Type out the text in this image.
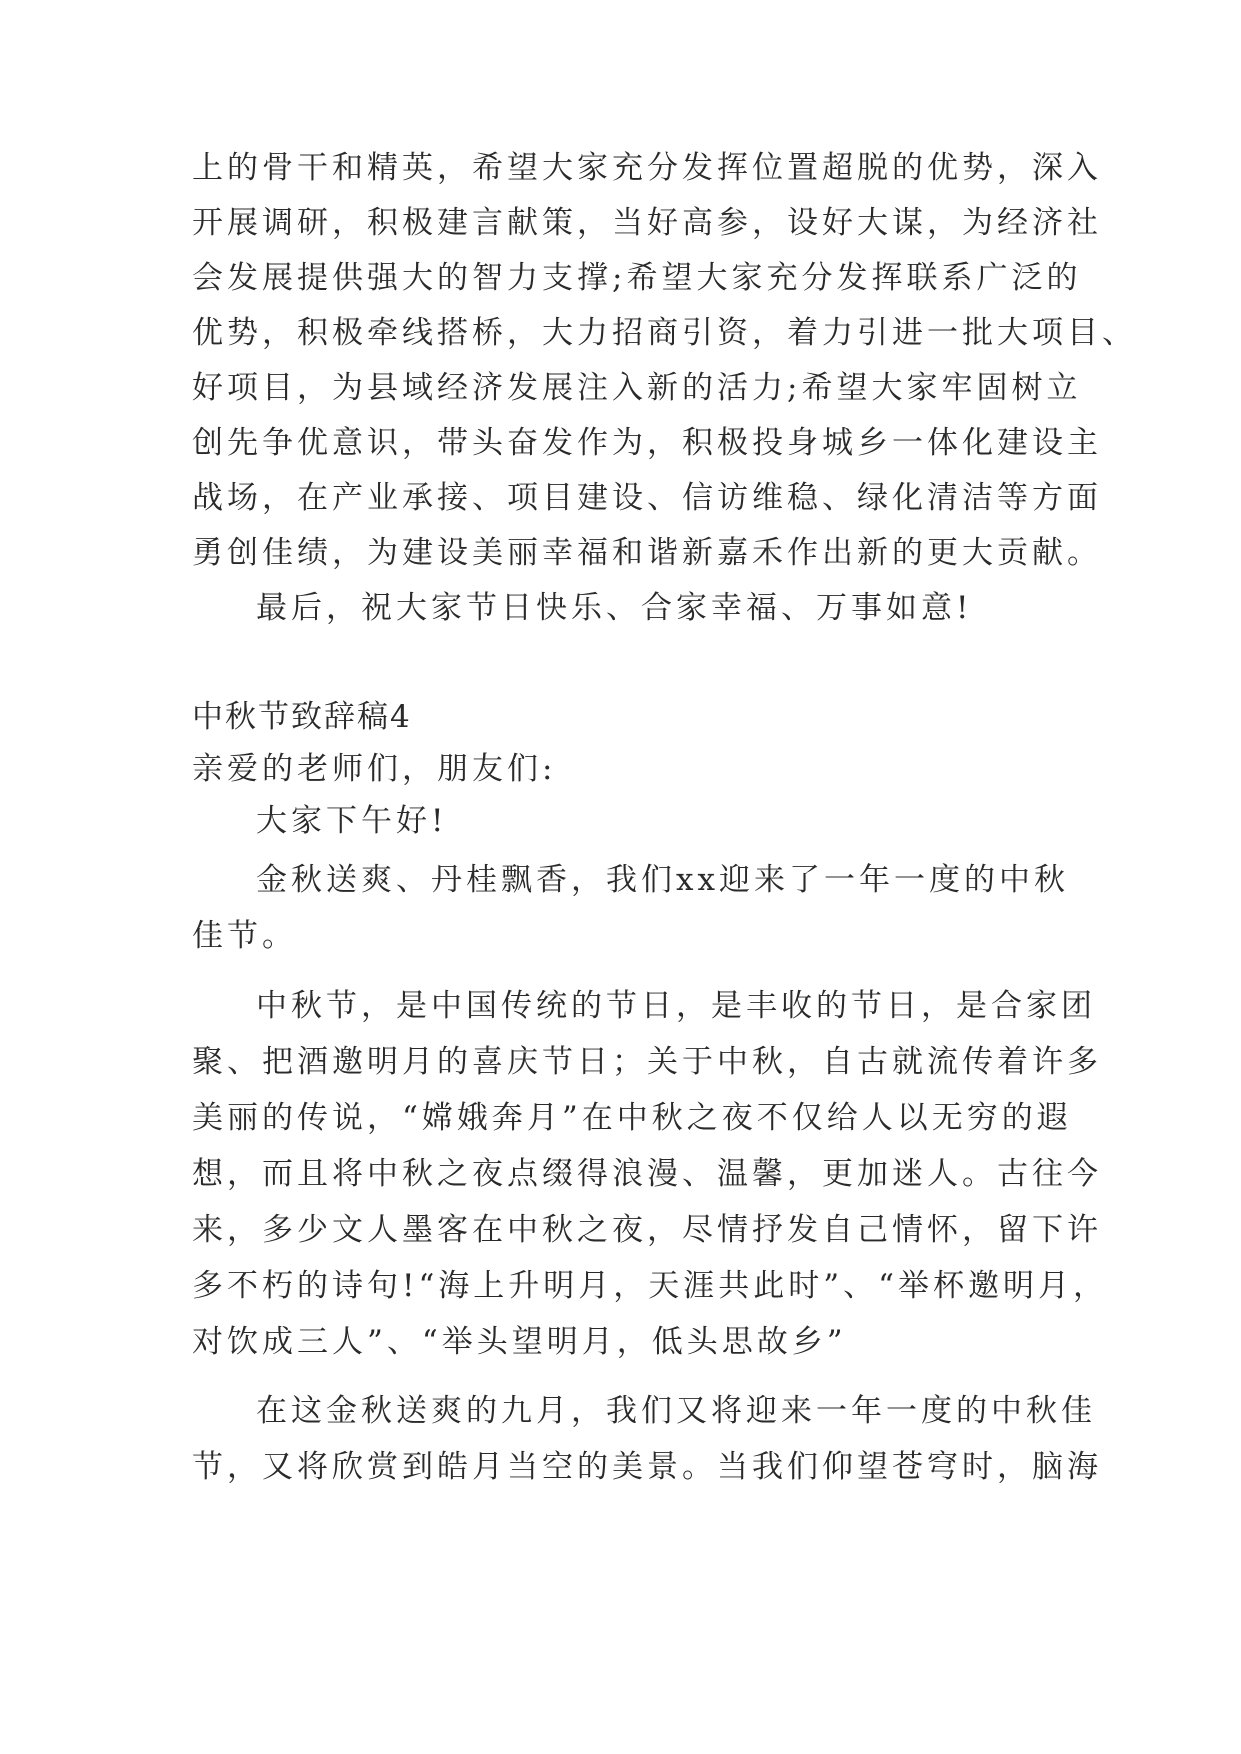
上的骨干和精英，希望大家充分发挥位置超脱的优势，深入
开展调研，积极建言献策，当好高参，设好大谋，为经济社
会发展提供强大的智力支撑;希望大家充分发挥联系广泛的
优势，积极牵线搭桥，大力招商引资，着力引进一批大项目、
好项目，为县域经济发展注入新的活力;希望大家牢固树立
创先争优意识，带头奋发作为，积极投身城乡一体化建设主
战场，在产业承接、项目建设、信访维稳、绿化清洁等方面
勇创佳绩，为建设美丽幸福和谐新嘉禾作出新的更大贡献。
最后，祝大家节日快乐、合家幸福、万事如意!
中秋节致辞稿4
亲爱的老师们，朋友们:
大家下午好!
金秋送爽、丹桂飘香，我们xx迎来了一年一度的中秋
佳节。
中秋节，是中国传统的节日，是丰收的节日，是合家团
聚、把酒邀明月的喜庆节日；关于中秋，自古就流传着许多
美丽的传说，“嫦娥奔月”在中秋之夜不仅给人以无穷的遐
想，而且将中秋之夜点缀得浪漫、温馨，更加迷人。古往今
来，多少文人墨客在中秋之夜，尽情抒发自己情怀，留下许
多不朽的诗句!“海上升明月，天涯共此时”、“举杯邀明月，
对饮成三人”、“举头望明月，低头思故乡”
在这金秋送爽的九月，我们又将迎来一年一度的中秋佳
节，又将欣赏到皓月当空的美景。当我们仰望苍穹时，脑海
